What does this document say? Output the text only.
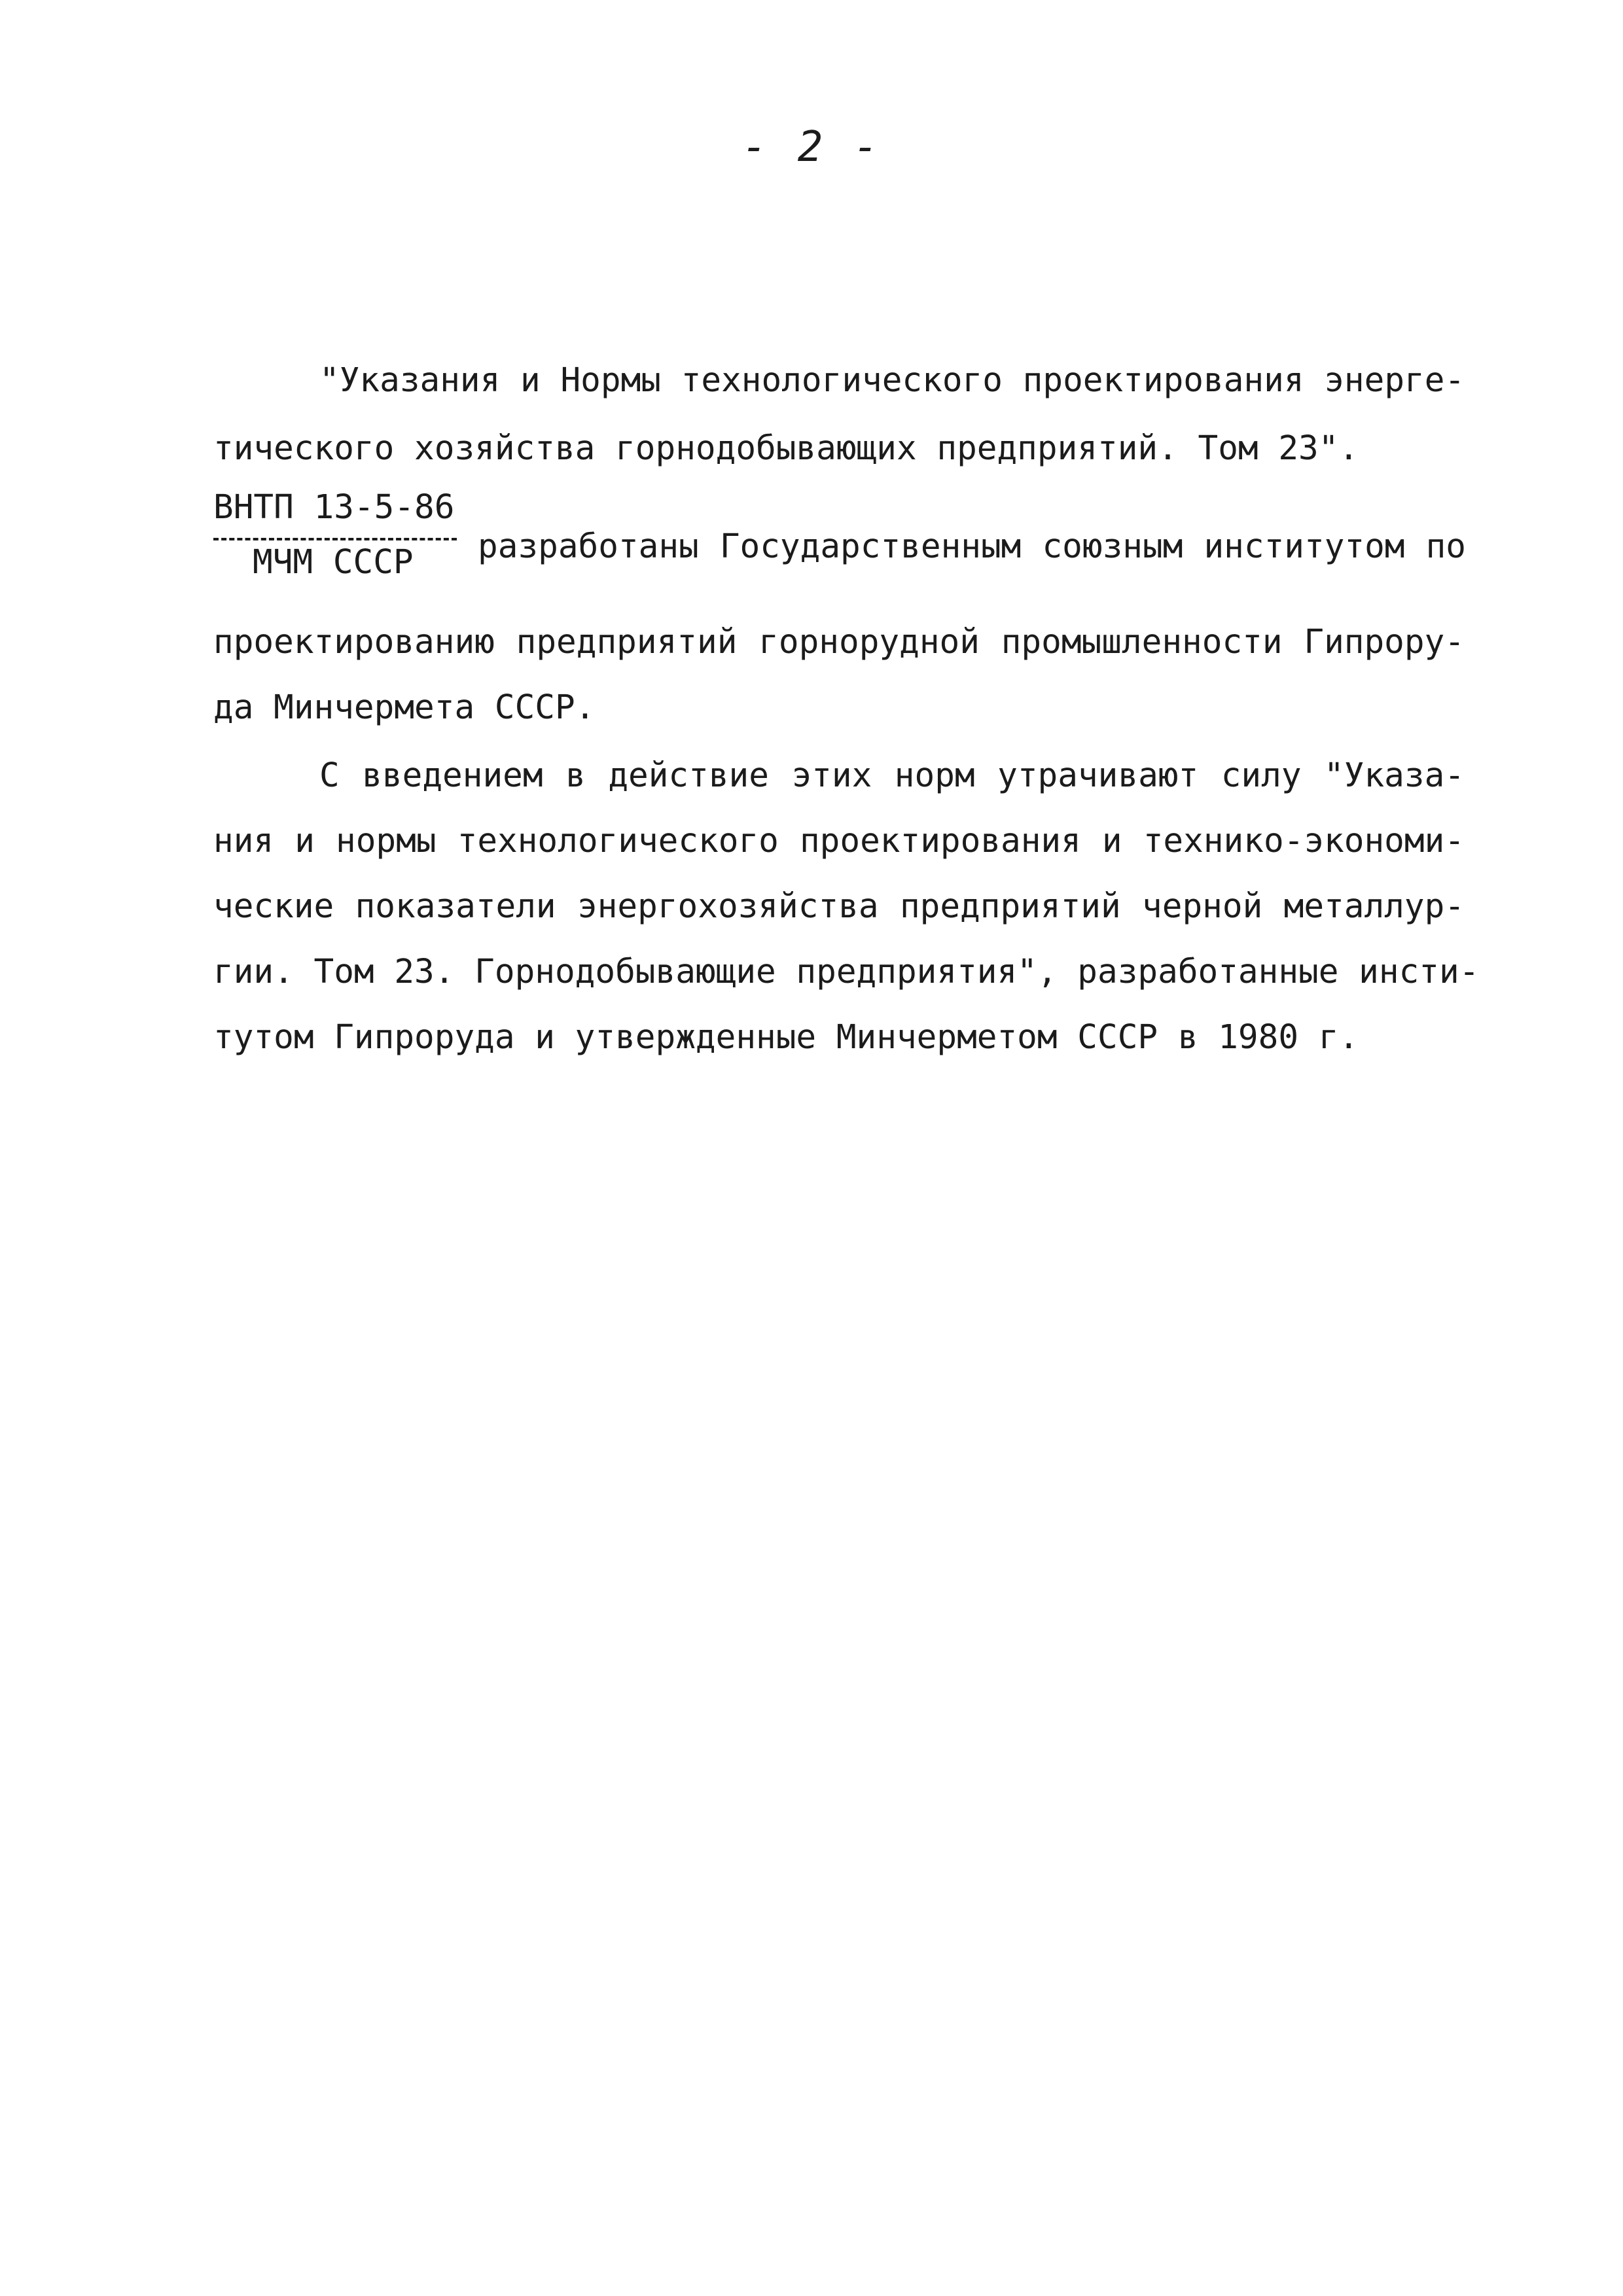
- 2 -
"Указания и Нормы технологического проектирования энерге-
тического хозяйства горнодобывающих предприятий. Том 23".
ВНТП 13-5-86
МЧМ СССР	разработаны Государственным союзным институтом по
проектированию предприятий горнорудной промышленности Гипрору-
да Минчермета СССР.
С введением в действие этих норм утрачивают силу "Указа-
ния и нормы технологического проектирования и технико-экономи-
ческие показатели энергохозяйства предприятий черной металлур-
гии. Том 23. Горнодобывающие предприятия", разработанные инсти-
тутом Гипроруда и утвержденные Минчерметом СССР в 1980 г.
